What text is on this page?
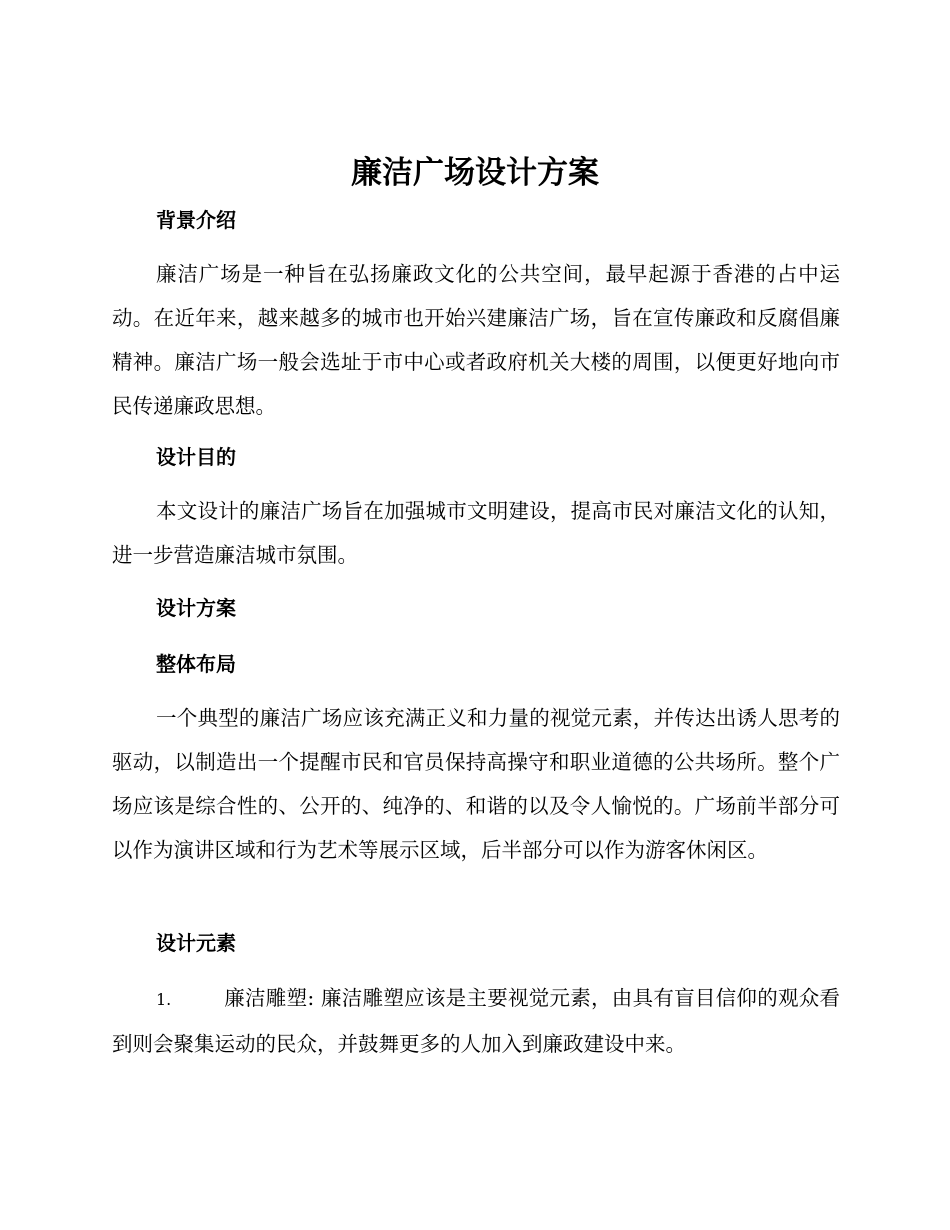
廉洁广场设计方案
背景介绍

廉洁广场是一种旨在弘扬廉政文化的公共空间，最早起源于香港的占中运动。在近年来，越来越多的城市也开始兴建廉洁广场，旨在宣传廉政和反腐倡廉精神。廉洁广场一般会选址于市中心或者政府机关大楼的周围，以便更好地向市民传递廉政思想。

设计目的

本文设计的廉洁广场旨在加强城市文明建设，提高市民对廉洁文化的认知，进一步营造廉洁城市氛围。

设计方案
整体布局

一个典型的廉洁广场应该充满正义和力量的视觉元素，并传达出诱人思考的驱动，以制造出一个提醒市民和官员保持高操守和职业道德的公共场所。整个广场应该是综合性的、公开的、纯净的、和谐的以及令人愉悦的。广场前半部分可以作为演讲区域和行为艺术等展示区域，后半部分可以作为游客休闲区。

设计元素

1.	廉洁雕塑: 廉洁雕塑应该是主要视觉元素，由具有盲目信仰的观众看到则会聚集运动的民众，并鼓舞更多的人加入到廉政建设中来。
